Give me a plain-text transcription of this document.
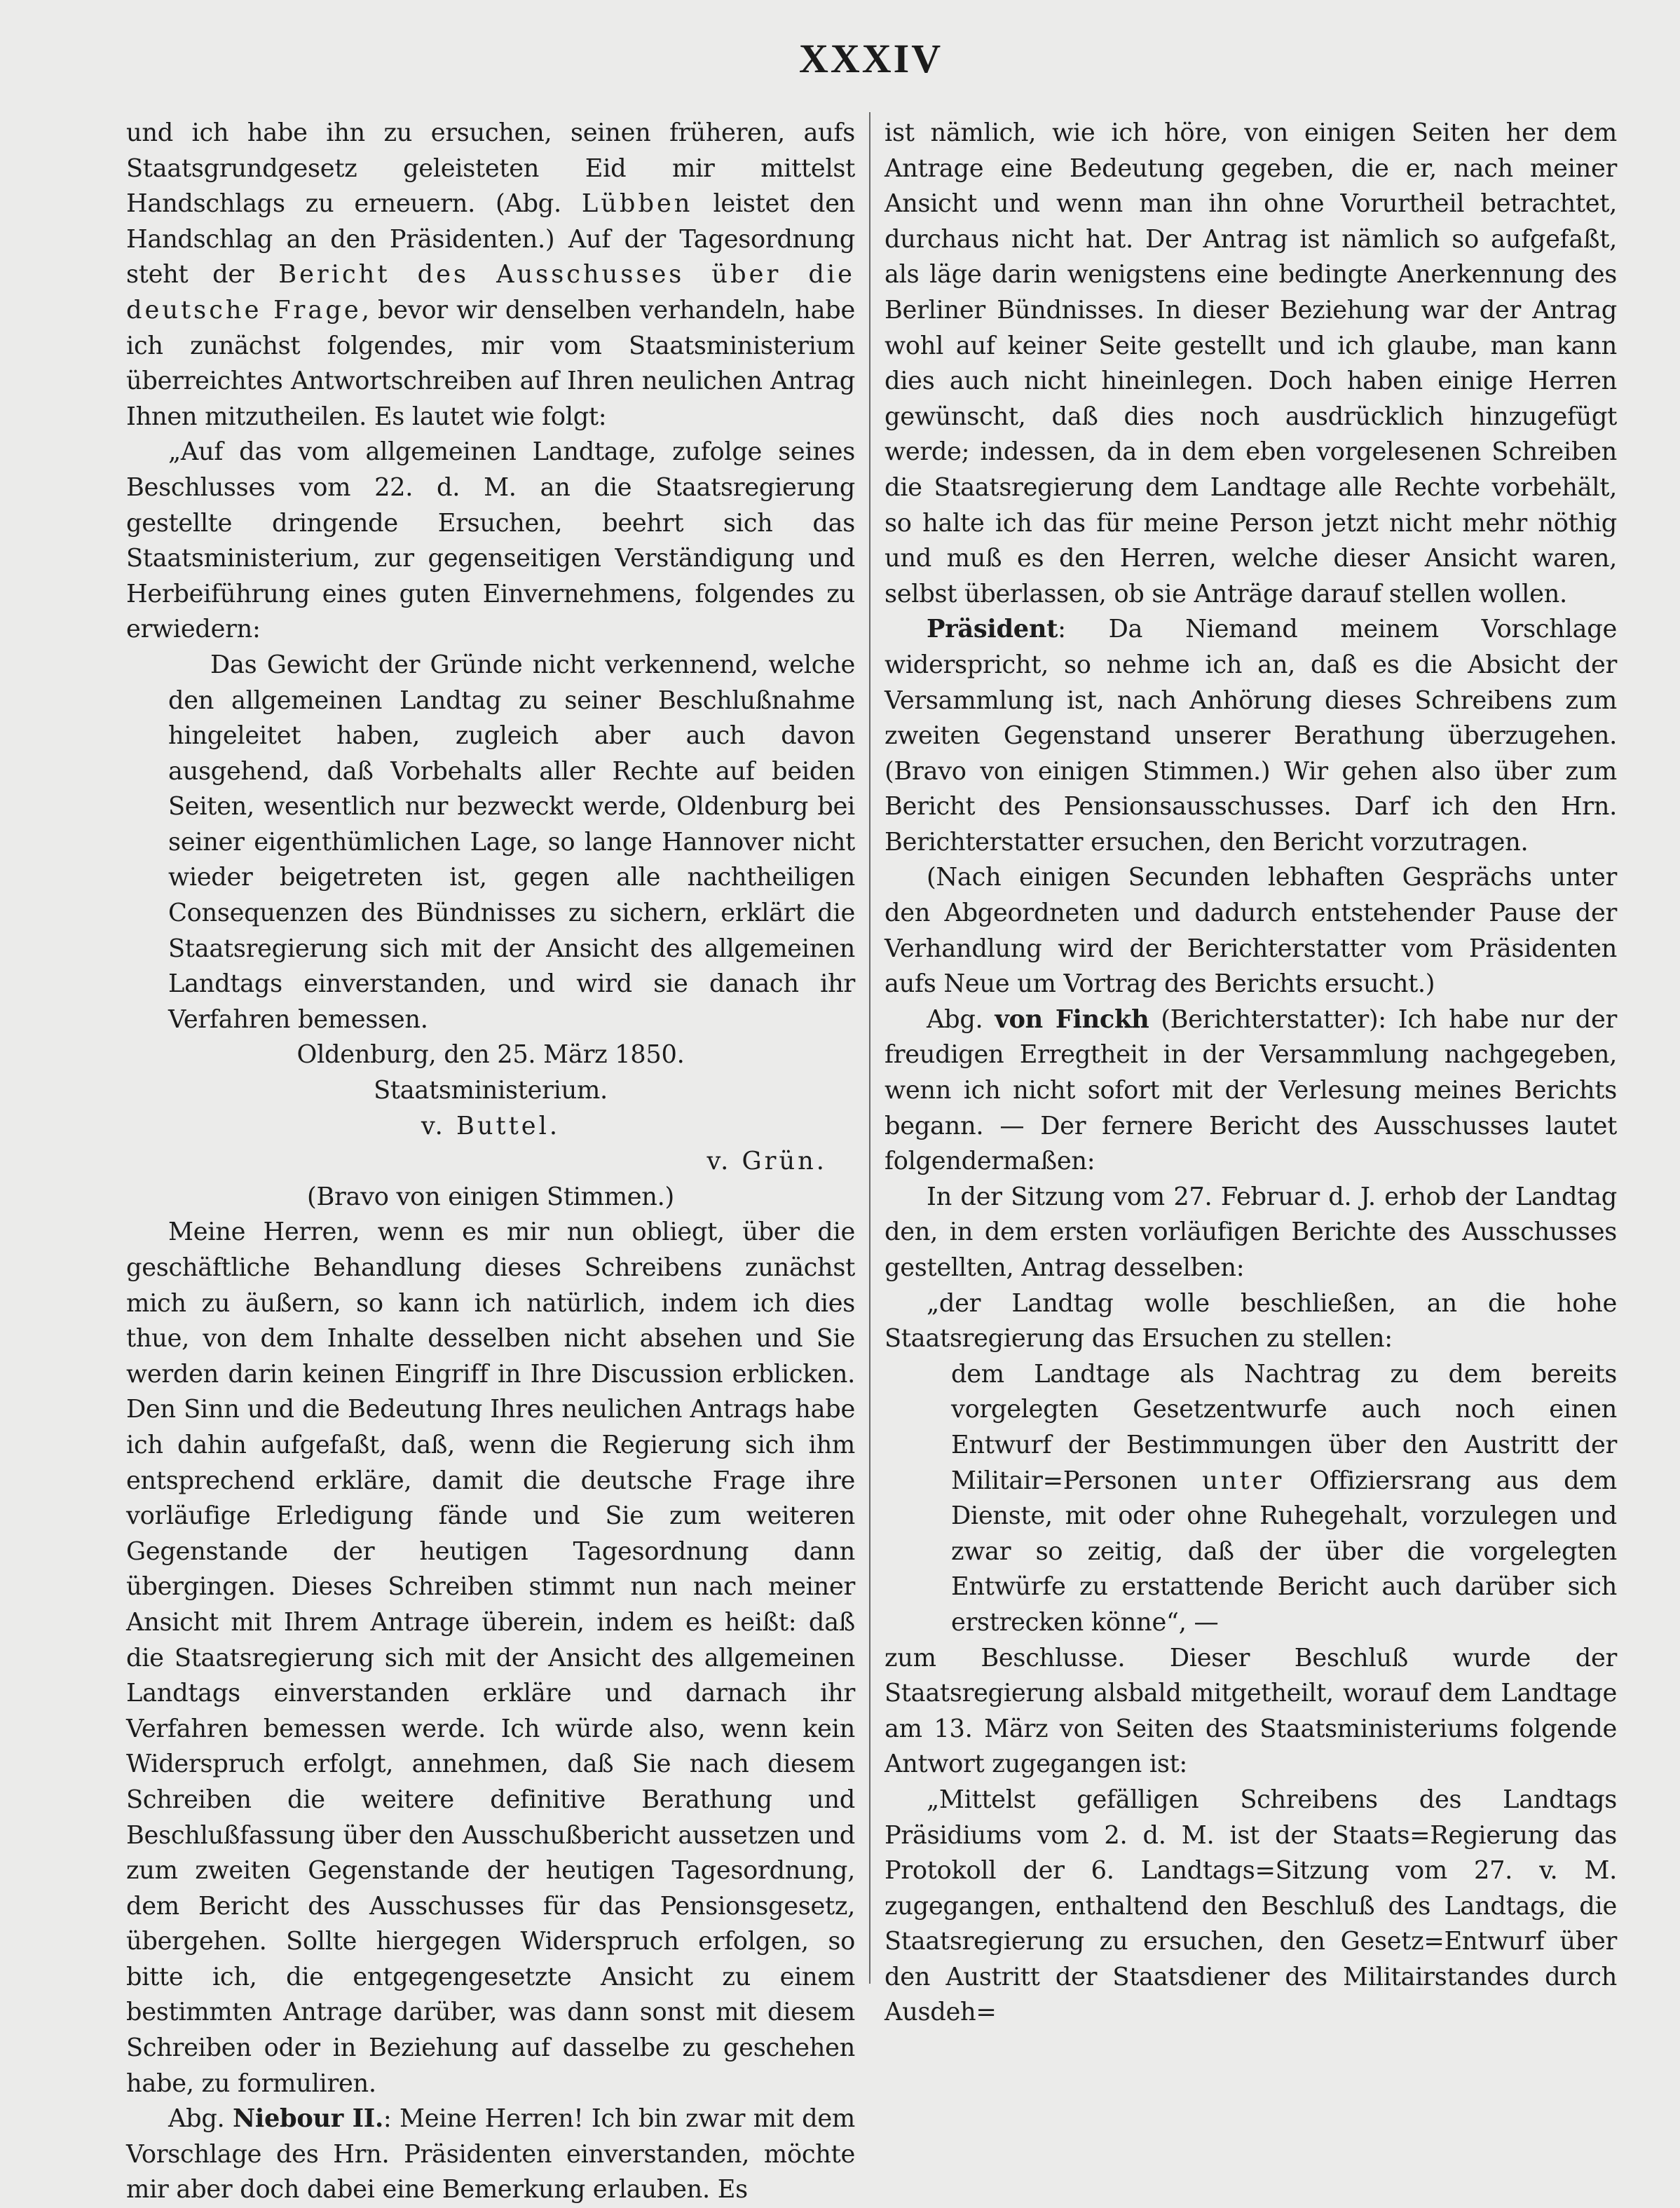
XXXIV

und ich habe ihn zu ersuchen, seinen früheren, aufs Staatsgrundgesetz geleisteten Eid mir mittelst Handschlags zu erneuern. (Abg. Lübben leistet den Handschlag an den Präsidenten.) Auf der Tagesordnung steht der Bericht des Ausschusses über die deutsche Frage, bevor wir denselben verhandeln, habe ich zunächst folgendes, mir vom Staatsministerium überreichtes Antwortschreiben auf Ihren neulichen Antrag Ihnen mitzutheilen. Es lautet wie folgt:

„Auf das vom allgemeinen Landtage, zufolge seines Beschlusses vom 22. d. M. an die Staatsregierung gestellte dringende Ersuchen, beehrt sich das Staatsministerium, zur gegenseitigen Verständigung und Herbeiführung eines guten Einvernehmens, folgendes zu erwiedern:

Das Gewicht der Gründe nicht verkennend, welche den allgemeinen Landtag zu seiner Beschlußnahme hingeleitet haben, zugleich aber auch davon ausgehend, daß Vorbehalts aller Rechte auf beiden Seiten, wesentlich nur bezweckt werde, Oldenburg bei seiner eigenthümlichen Lage, so lange Hannover nicht wieder beigetreten ist, gegen alle nachtheiligen Consequenzen des Bündnisses zu sichern, erklärt die Staatsregierung sich mit der Ansicht des allgemeinen Landtags einverstanden, und wird sie danach ihr Verfahren bemessen.

Oldenburg, den 25. März 1850.

Staatsministerium.

v. Buttel.

v. Grün.

(Bravo von einigen Stimmen.)

Meine Herren, wenn es mir nun obliegt, über die geschäftliche Behandlung dieses Schreibens zunächst mich zu äußern, so kann ich natürlich, indem ich dies thue, von dem Inhalte desselben nicht absehen und Sie werden darin keinen Eingriff in Ihre Discussion erblicken. Den Sinn und die Bedeutung Ihres neulichen Antrags habe ich dahin aufgefaßt, daß, wenn die Regierung sich ihm entsprechend erkläre, damit die deutsche Frage ihre vorläufige Erledigung fände und Sie zum weiteren Gegenstande der heutigen Tagesordnung dann übergingen. Dieses Schreiben stimmt nun nach meiner Ansicht mit Ihrem Antrage überein, indem es heißt: daß die Staatsregierung sich mit der Ansicht des allgemeinen Landtags einverstanden erkläre und darnach ihr Verfahren bemessen werde. Ich würde also, wenn kein Widerspruch erfolgt, annehmen, daß Sie nach diesem Schreiben die weitere definitive Berathung und Beschlußfassung über den Ausschußbericht aussetzen und zum zweiten Gegenstande der heutigen Tagesordnung, dem Bericht des Ausschusses für das Pensionsgesetz, übergehen. Sollte hiergegen Widerspruch erfolgen, so bitte ich, die entgegengesetzte Ansicht zu einem bestimmten Antrage darüber, was dann sonst mit diesem Schreiben oder in Beziehung auf dasselbe zu geschehen habe, zu formuliren.

Abg. Niebour II.: Meine Herren! Ich bin zwar mit dem Vorschlage des Hrn. Präsidenten einverstanden, möchte mir aber doch dabei eine Bemerkung erlauben. Es

ist nämlich, wie ich höre, von einigen Seiten her dem Antrage eine Bedeutung gegeben, die er, nach meiner Ansicht und wenn man ihn ohne Vorurtheil betrachtet, durchaus nicht hat. Der Antrag ist nämlich so aufgefaßt, als läge darin wenigstens eine bedingte Anerkennung des Berliner Bündnisses. In dieser Beziehung war der Antrag wohl auf keiner Seite gestellt und ich glaube, man kann dies auch nicht hineinlegen. Doch haben einige Herren gewünscht, daß dies noch ausdrücklich hinzugefügt werde; indessen, da in dem eben vorgelesenen Schreiben die Staatsregierung dem Landtage alle Rechte vorbehält, so halte ich das für meine Person jetzt nicht mehr nöthig und muß es den Herren, welche dieser Ansicht waren, selbst überlassen, ob sie Anträge darauf stellen wollen.

Präsident: Da Niemand meinem Vorschlage widerspricht, so nehme ich an, daß es die Absicht der Versammlung ist, nach Anhörung dieses Schreibens zum zweiten Gegenstand unserer Berathung überzugehen. (Bravo von einigen Stimmen.) Wir gehen also über zum Bericht des Pensionsausschusses. Darf ich den Hrn. Berichterstatter ersuchen, den Bericht vorzutragen.

(Nach einigen Secunden lebhaften Gesprächs unter den Abgeordneten und dadurch entstehender Pause der Verhandlung wird der Berichterstatter vom Präsidenten aufs Neue um Vortrag des Berichts ersucht.)

Abg. von Finckh (Berichterstatter): Ich habe nur der freudigen Erregtheit in der Versammlung nachgegeben, wenn ich nicht sofort mit der Verlesung meines Berichts begann. — Der fernere Bericht des Ausschusses lautet folgendermaßen:

In der Sitzung vom 27. Februar d. J. erhob der Landtag den, in dem ersten vorläufigen Berichte des Ausschusses gestellten, Antrag desselben:

„der Landtag wolle beschließen, an die hohe Staatsregierung das Ersuchen zu stellen:

dem Landtage als Nachtrag zu dem bereits vorgelegten Gesetzentwurfe auch noch einen Entwurf der Bestimmungen über den Austritt der Militair=Personen unter Offiziersrang aus dem Dienste, mit oder ohne Ruhegehalt, vorzulegen und zwar so zeitig, daß der über die vorgelegten Entwürfe zu erstattende Bericht auch darüber sich erstrecken könne“, —

zum Beschlusse. Dieser Beschluß wurde der Staatsregierung alsbald mitgetheilt, worauf dem Landtage am 13. März von Seiten des Staatsministeriums folgende Antwort zugegangen ist:

„Mittelst gefälligen Schreibens des Landtags Präsidiums vom 2. d. M. ist der Staats=Regierung das Protokoll der 6. Landtags=Sitzung vom 27. v. M. zugegangen, enthaltend den Beschluß des Landtags, die Staatsregierung zu ersuchen, den Gesetz=Entwurf über den Austritt der Staatsdiener des Militairstandes durch Ausdeh=
